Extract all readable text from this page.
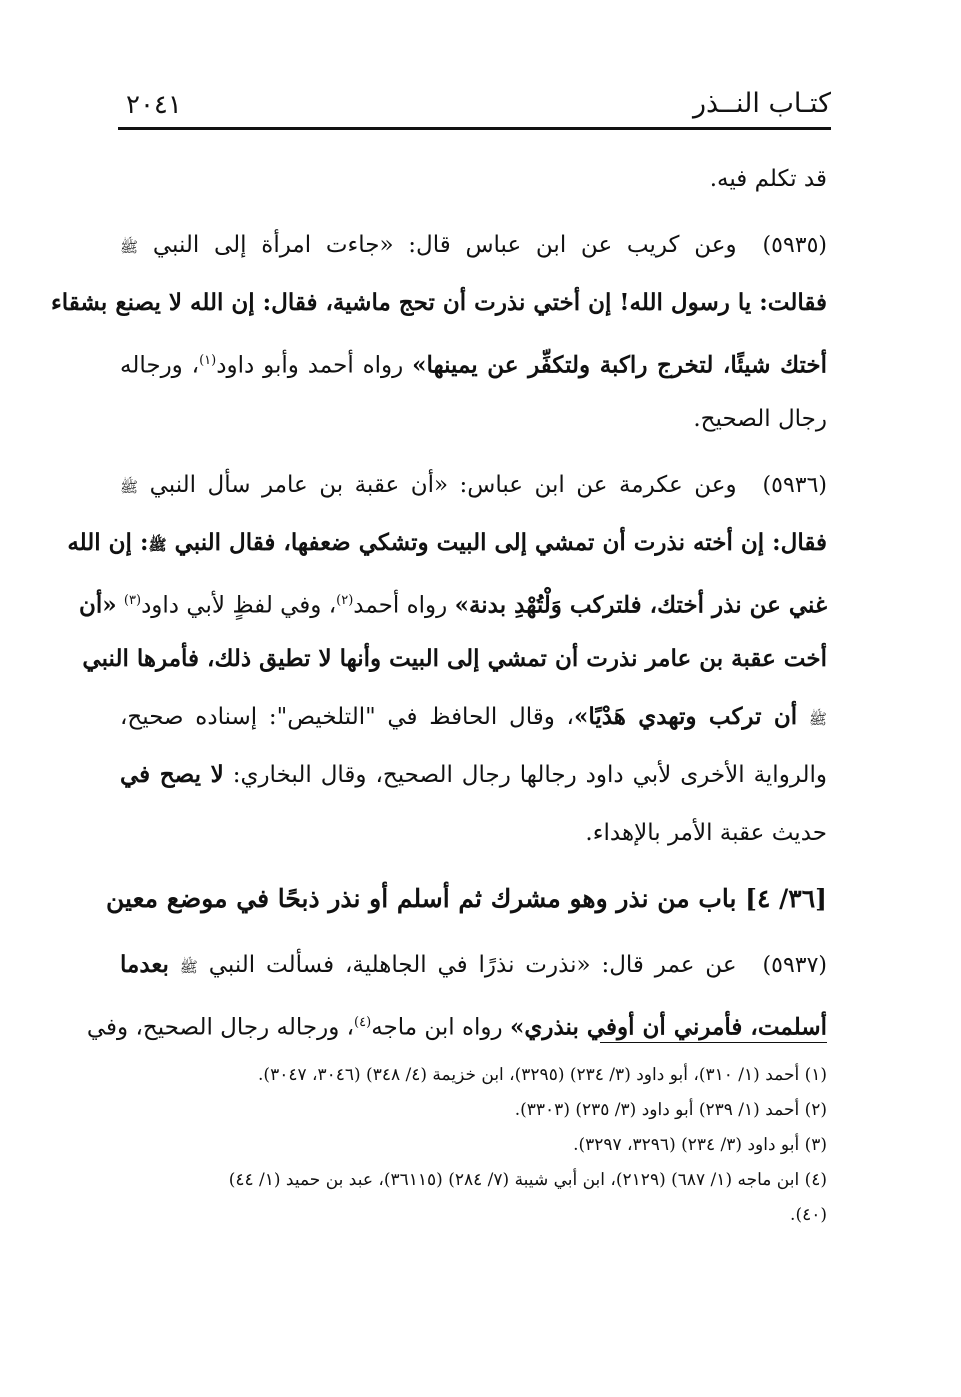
كتـاب النــذر
٢٠٤١
قد تكلم فيه.
(٥٩٣٥)وعن كريب عن ابن عباس قال: «جاءت امرأة إلى النبي ﷺ
فقالت: يا رسول الله! إن أختي نذرت أن تحج ماشية، فقال: إن الله لا يصنع بشقاء
أختك شيئًا، لتخرج راكبة ولتكفِّر عن يمينها» رواه أحمد وأبو داود$^{(١)}$، ورجاله
رجال الصحيح.
(٥٩٣٦)وعن عكرمة عن ابن عباس: «أن عقبة بن عامر سأل النبي ﷺ
فقال: إن أخته نذرت أن تمشي إلى البيت وتشكي ضعفها، فقال النبي ﷺ: إن الله
غني عن نذر أختك، فلتركب وَلْتُهْدِ بدنة» رواه أحمد$^{(٢)}$، وفي لفظٍ لأبي داود$^{(٣)}$ «أن
أخت عقبة بن عامر نذرت أن تمشي إلى البيت وأنها لا تطيق ذلك، فأمرها النبي
ﷺ أن تركب وتهدي هَدْيًا»، وقال الحافظ في "التلخيص": إسناده صحيح،
والرواية الأخرى لأبي داود رجالها رجال الصحيح، وقال البخاري: لا يصح في
حديث عقبة الأمر بالإهداء.
[٣٦/ ٤] باب من نذر وهو مشرك ثم أسلم أو نذر ذبحًا في موضع معين
(٥٩٣٧)عن عمر قال: «نذرت نذرًا في الجاهلية، فسألت النبي ﷺ بعدما
أسلمت، فأمرني أن أوفي بنذري» رواه ابن ماجه$^{(٤)}$، ورجاله رجال الصحيح، وفي
(١) أحمد (١/ ٣١٠)، أبو داود (٣/ ٢٣٤) (٣٢٩٥)، ابن خزيمة (٤/ ٣٤٨) (٣٠٤٦، ٣٠٤٧).
(٢) أحمد (١/ ٢٣٩) أبو داود (٣/ ٢٣٥) (٣٣٠٣).
(٣) أبو داود (٣/ ٢٣٤) (٣٢٩٦، ٣٢٩٧).
(٤) ابن ماجه (١/ ٦٨٧) (٢١٢٩)، ابن أبي شيبة (٧/ ٢٨٤) (٣٦١١٥)، عبد بن حميد (١/ ٤٤)
(٤٠).
